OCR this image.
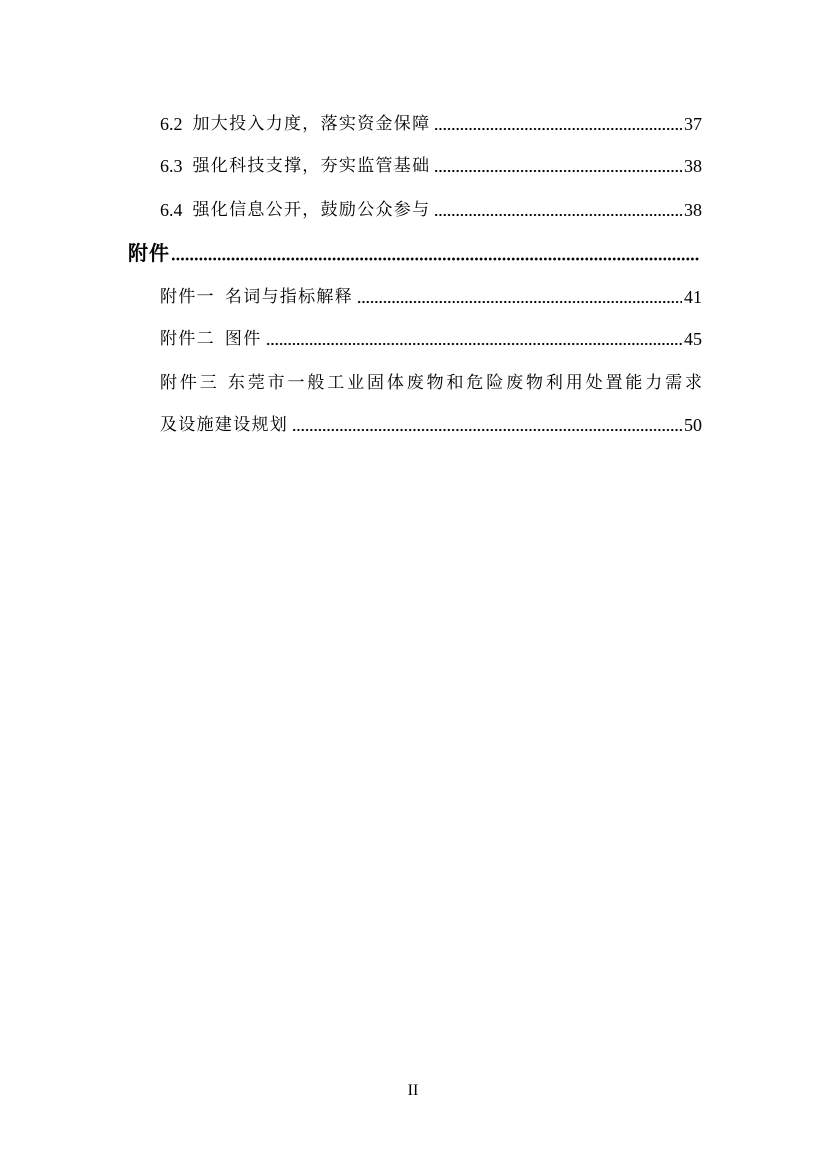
6.2 加大投入力度，落实资金保障	37
6.3 强化科技支撑，夯实监管基础	38
6.4 强化信息公开，鼓励公众参与	38
附件
附件一 名词与指标解释	41
附件二 图件	45
附件三 东莞市一般工业固体废物和危险废物利用处置能力需求
及设施建设规划	50
II
